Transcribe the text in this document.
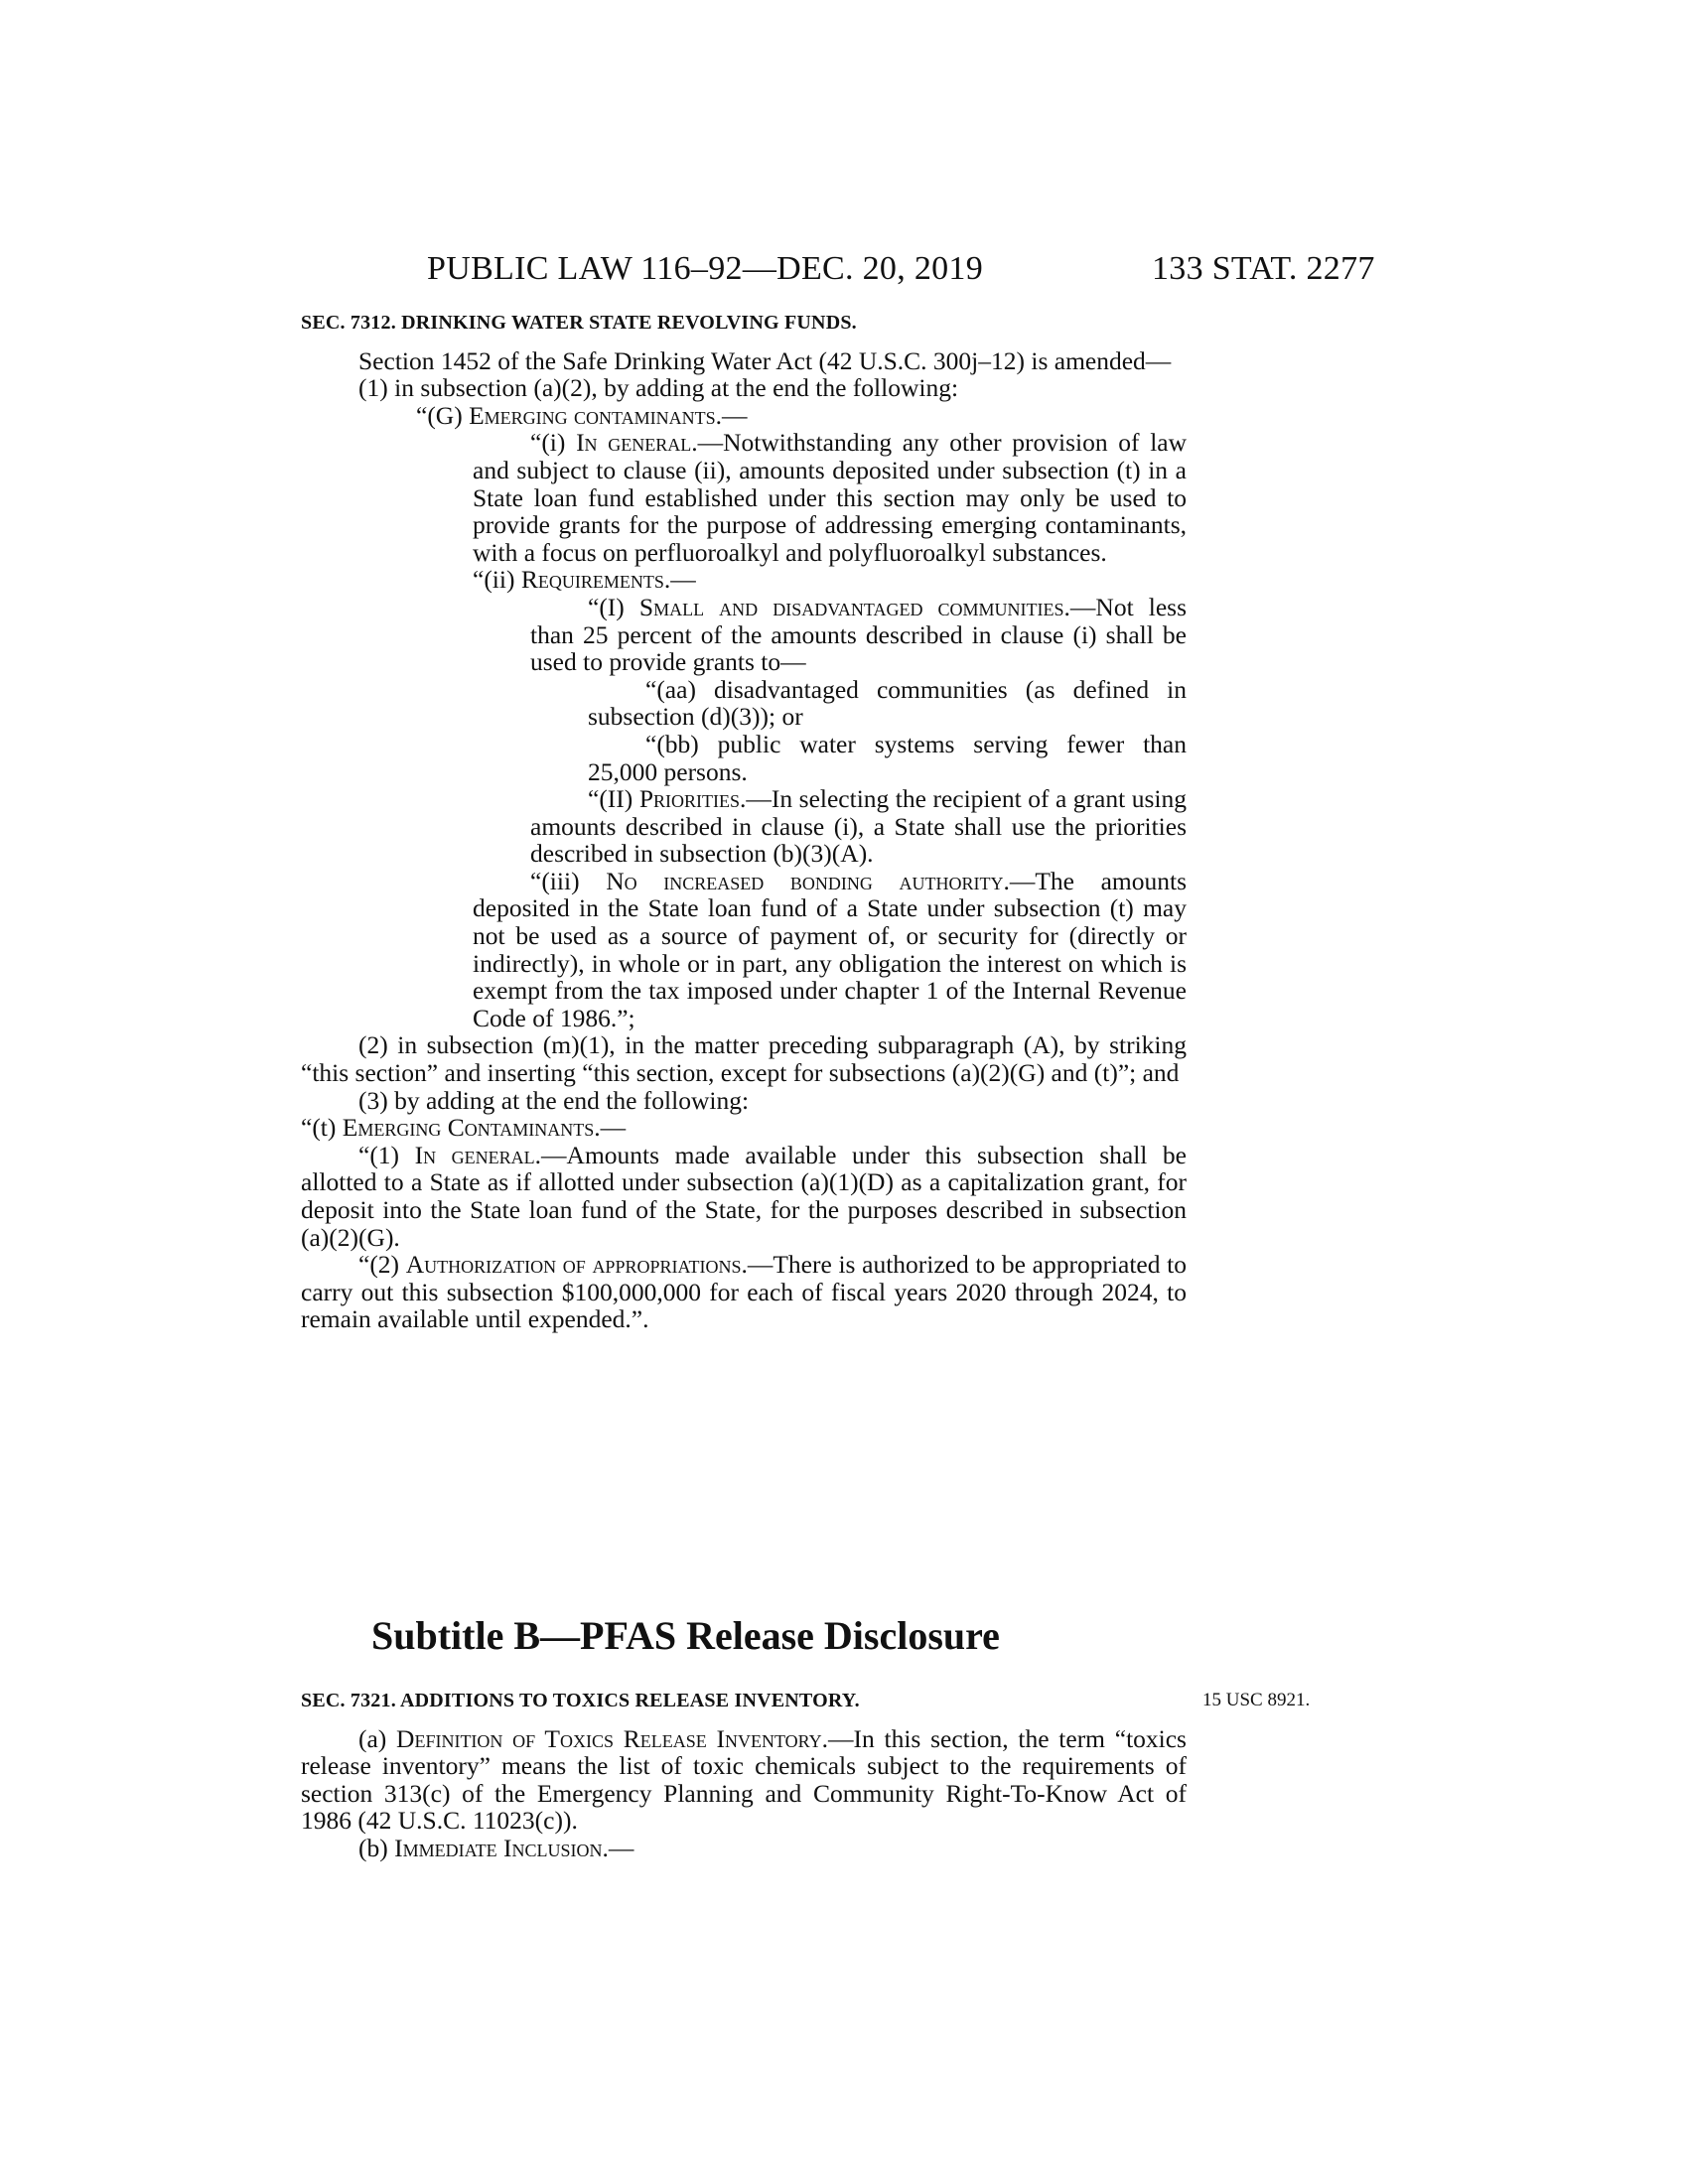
PUBLIC LAW 116–92—DEC. 20, 2019	133 STAT. 2277
SEC. 7312. DRINKING WATER STATE REVOLVING FUNDS.

Section 1452 of the Safe Drinking Water Act (42 U.S.C. 300j–12) is amended—

(1) in subsection (a)(2), by adding at the end the following:

“(G) Emerging contaminants.—

“(i) In general.—Notwithstanding any other provision of law and subject to clause (ii), amounts deposited under subsection (t) in a State loan fund established under this section may only be used to provide grants for the purpose of addressing emerging contaminants, with a focus on perfluoroalkyl and polyfluoroalkyl substances.

“(ii) Requirements.—

“(I) Small and disadvantaged communities.—Not less than 25 percent of the amounts described in clause (i) shall be used to provide grants to—

“(aa) disadvantaged communities (as defined in subsection (d)(3)); or

“(bb) public water systems serving fewer than 25,000 persons.

“(II) Priorities.—In selecting the recipient of a grant using amounts described in clause (i), a State shall use the priorities described in subsection (b)(3)(A).

“(iii) No increased bonding authority.—The amounts deposited in the State loan fund of a State under subsection (t) may not be used as a source of payment of, or security for (directly or indirectly), in whole or in part, any obligation the interest on which is exempt from the tax imposed under chapter 1 of the Internal Revenue Code of 1986.”;

(2) in subsection (m)(1), in the matter preceding subparagraph (A), by striking “this section” and inserting “this section, except for subsections (a)(2)(G) and (t)”; and

(3) by adding at the end the following:

“(t) Emerging Contaminants.—

“(1) In general.—Amounts made available under this subsection shall be allotted to a State as if allotted under subsection (a)(1)(D) as a capitalization grant, for deposit into the State loan fund of the State, for the purposes described in subsection (a)(2)(G).

“(2) Authorization of appropriations.—There is authorized to be appropriated to carry out this subsection $100,000,000 for each of fiscal years 2020 through 2024, to remain available until expended.”.

Subtitle B—PFAS Release Disclosure
15 USC 8921.
SEC. 7321. ADDITIONS TO TOXICS RELEASE INVENTORY.

(a) Definition of Toxics Release Inventory.—In this section, the term “toxics release inventory” means the list of toxic chemicals subject to the requirements of section 313(c) of the Emergency Planning and Community Right-To-Know Act of 1986 (42 U.S.C. 11023(c)).

(b) Immediate Inclusion.—
